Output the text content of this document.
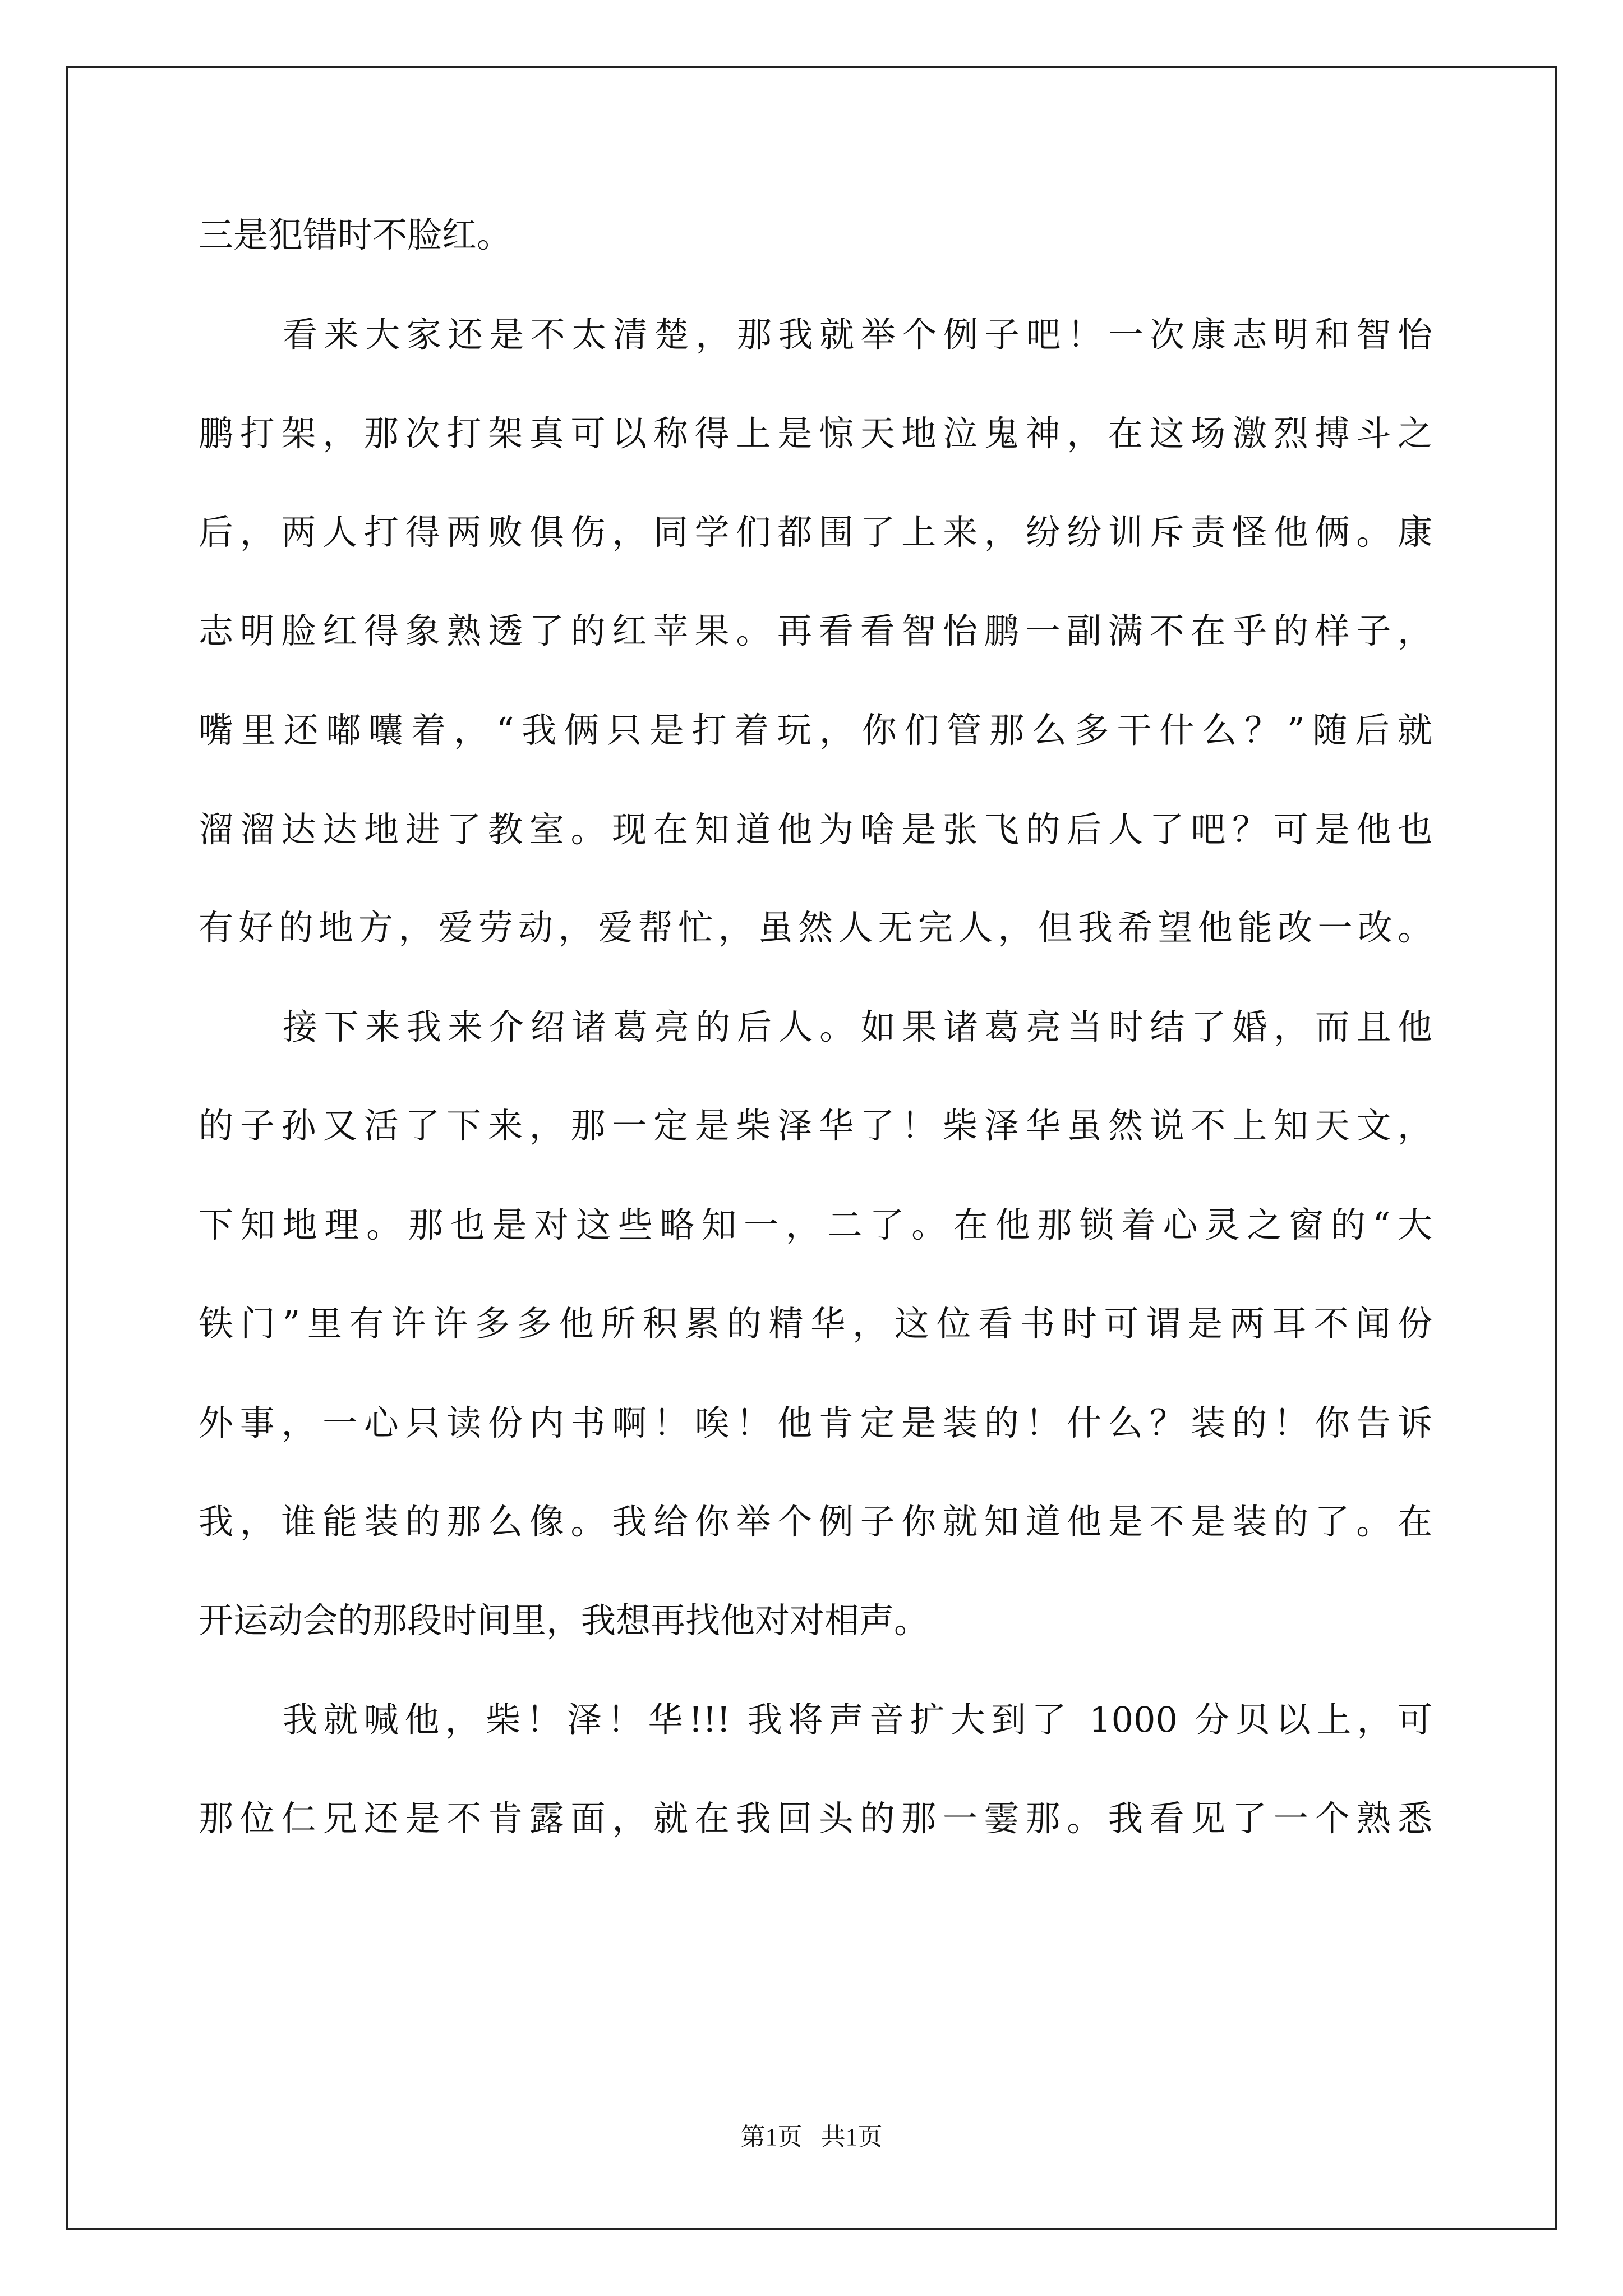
三是犯错时不脸红。
看来大家还是不太清楚，那我就举个例子吧！一次康志明和智怡
鹏打架，那次打架真可以称得上是惊天地泣鬼神，在这场激烈搏斗之
后，两人打得两败俱伤，同学们都围了上来，纷纷训斥责怪他俩。康
志明脸红得象熟透了的红苹果。再看看智怡鹏一副满不在乎的样子，
嘴里还嘟囔着，“我俩只是打着玩，你们管那么多干什么？”随后就
溜溜达达地进了教室。现在知道他为啥是张飞的后人了吧？可是他也
有好的地方，爱劳动，爱帮忙，虽然人无完人，但我希望他能改一改。
接下来我来介绍诸葛亮的后人。如果诸葛亮当时结了婚，而且他
的子孙又活了下来，那一定是柴泽华了！柴泽华虽然说不上知天文，
下知地理。那也是对这些略知一，二了。在他那锁着心灵之窗的“大
铁门”里有许许多多他所积累的精华，这位看书时可谓是两耳不闻份
外事，一心只读份内书啊！唉！他肯定是装的！什么？装的！你告诉
我，谁能装的那么像。我给你举个例子你就知道他是不是装的了。在
开运动会的那段时间里，我想再找他对对相声。
我就喊他，柴！泽！华!!! 我将声音扩大到了 1000 分贝以上，可
那位仁兄还是不肯露面，就在我回头的那一霎那。我看见了一个熟悉
第1页 共1页
